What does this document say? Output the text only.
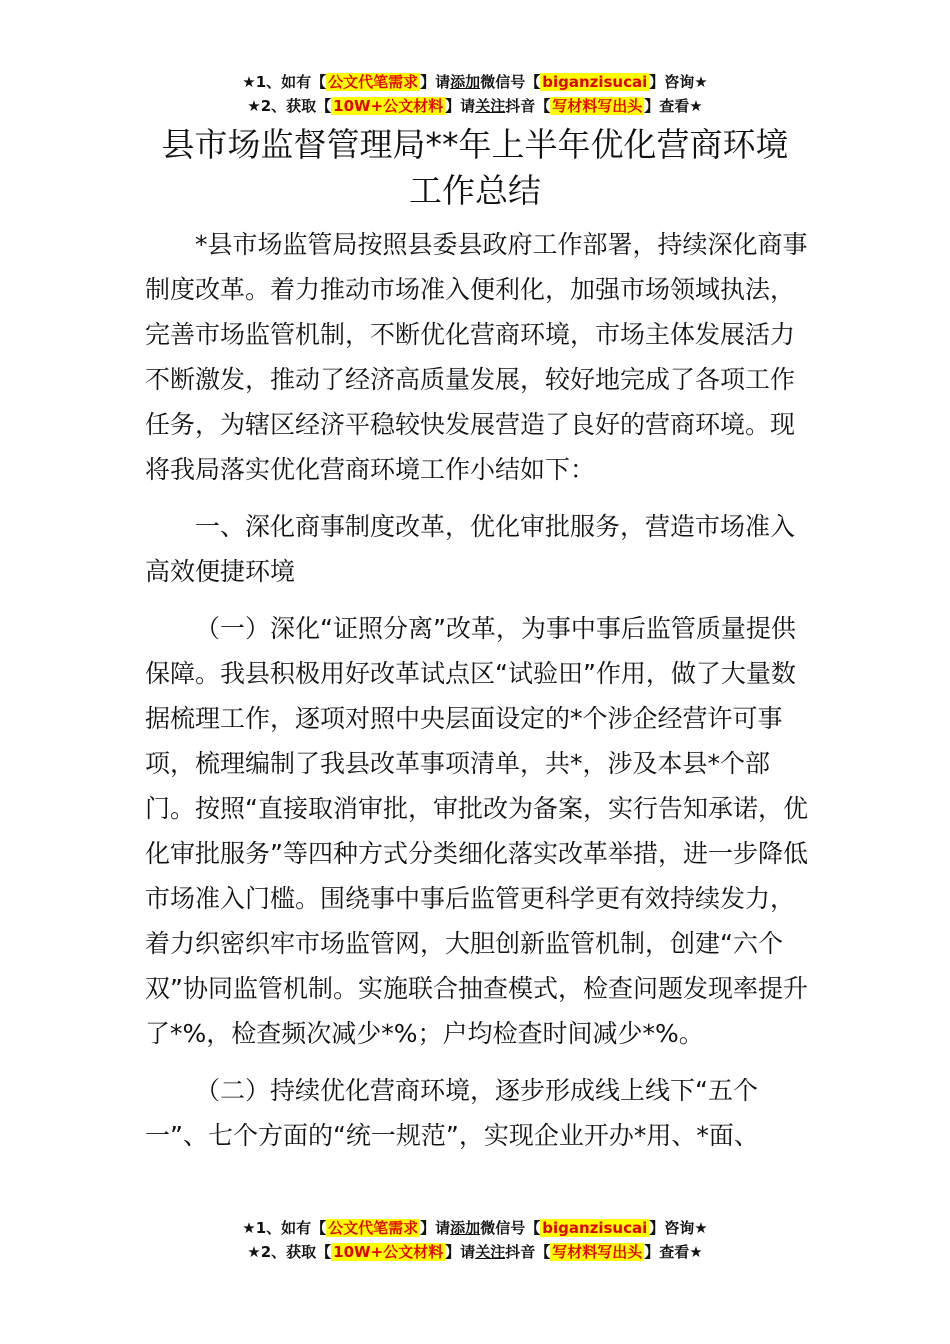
★1、如有【 公文代笔需求 】请添加微信号【 biganzisucai 】咨询★
★2、获取【 10W+公文材料 】请关注抖音【 写材料写出头 】查看★
县市场监督管理局**年上半年优化营商环境
工作总结

*县市场监管局按照县委县政府工作部署，持续深化商事制度改革。着力推动市场准入便利化，加强市场领域执法，完善市场监管机制，不断优化营商环境，市场主体发展活力不断激发，推动了经济高质量发展，较好地完成了各项工作任务，为辖区经济平稳较快发展营造了良好的营商环境。现将我局落实优化营商环境工作小结如下：

一、深化商事制度改革，优化审批服务，营造市场准入高效便捷环境

（一）深化“证照分离”改革，为事中事后监管质量提供保障。我县积极用好改革试点区“试验田”作用，做了大量数据梳理工作，逐项对照中央层面设定的*个涉企经营许可事项，梳理编制了我县改革事项清单，共*，涉及本县*个部门。按照“直接取消审批，审批改为备案，实行告知承诺，优化审批服务”等四种方式分类细化落实改革举措，进一步降低市场准入门槛。围绕事中事后监管更科学更有效持续发力，着力织密织牢市场监管网，大胆创新监管机制，创建“六个双”协同监管机制。实施联合抽查模式，检查问题发现率提升了*%，检查频次减少*%；户均检查时间减少*%。

（二）持续优化营商环境，逐步形成线上线下“五个一”、七个方面的“统一规范”，实现企业开办*用、*面、

★1、如有【 公文代笔需求 】请添加微信号【 biganzisucai 】咨询★
★2、获取【 10W+公文材料 】请关注抖音【 写材料写出头 】查看★
